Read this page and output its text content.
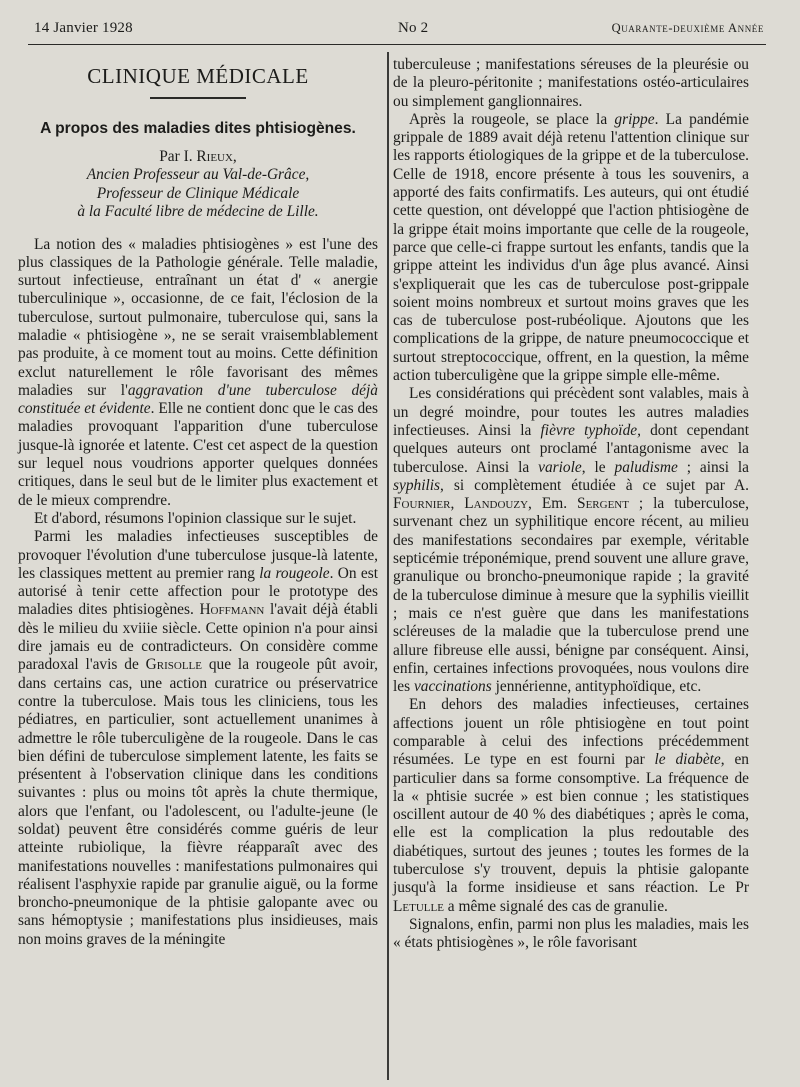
14 Janvier 1928	No 2	Quarante-deuxième Année
CLINIQUE MÉDICALE
A propos des maladies dites phtisiogènes.
Par I. Rieux,
Ancien Professeur au Val-de-Grâce,
Professeur de Clinique Médicale
à la Faculté libre de médecine de Lille.

La notion des « maladies phtisiogènes » est l'une des plus classiques de la Pathologie générale. Telle maladie, surtout infectieuse, entraînant un état d' « anergie tuberculinique », occasionne, de ce fait, l'éclosion de la tuberculose, surtout pulmonaire, tuberculose qui, sans la maladie « phtisiogène », ne se serait vraisemblablement pas produite, à ce moment tout au moins. Cette définition exclut naturellement le rôle favorisant des mêmes maladies sur l'aggravation d'une tuberculose déjà constituée et évidente. Elle ne contient donc que le cas des maladies provoquant l'apparition d'une tuberculose jusque-là ignorée et latente. C'est cet aspect de la question sur lequel nous voudrions apporter quelques données critiques, dans le seul but de le limiter plus exactement et de le mieux comprendre.

Et d'abord, résumons l'opinion classique sur le sujet.

Parmi les maladies infectieuses susceptibles de provoquer l'évolution d'une tuberculose jusque-là latente, les classiques mettent au premier rang la rougeole. On est autorisé à tenir cette affection pour le prototype des maladies dites phtisiogènes. Hoffmann l'avait déjà établi dès le milieu du xviiie siècle. Cette opinion n'a pour ainsi dire jamais eu de contradicteurs. On considère comme paradoxal l'avis de Grisolle que la rougeole pût avoir, dans certains cas, une action curatrice ou préservatrice contre la tuberculose. Mais tous les cliniciens, tous les pédiatres, en particulier, sont actuellement unanimes à admettre le rôle tuberculigène de la rougeole. Dans le cas bien défini de tuberculose simplement latente, les faits se présentent à l'observation clinique dans les conditions suivantes : plus ou moins tôt après la chute thermique, alors que l'enfant, ou l'adolescent, ou l'adulte-jeune (le soldat) peuvent être considérés comme guéris de leur atteinte rubiolique, la fièvre réapparaît avec des manifestations nouvelles : manifestations pulmonaires qui réalisent l'asphyxie rapide par granulie aiguë, ou la forme broncho-pneumonique de la phtisie galopante avec ou sans hémoptysie ; manifestations plus insidieuses, mais non moins graves de la méningite

tuberculeuse ; manifestations séreuses de la pleurésie ou de la pleuro-péritonite ; manifestations ostéo-articulaires ou simplement ganglionnaires.

Après la rougeole, se place la grippe. La pandémie grippale de 1889 avait déjà retenu l'attention clinique sur les rapports étiologiques de la grippe et de la tuberculose. Celle de 1918, encore présente à tous les souvenirs, a apporté des faits confirmatifs. Les auteurs, qui ont étudié cette question, ont développé que l'action phtisiogène de la grippe était moins importante que celle de la rougeole, parce que celle-ci frappe surtout les enfants, tandis que la grippe atteint les individus d'un âge plus avancé. Ainsi s'expliquerait que les cas de tuberculose post-grippale soient moins nombreux et surtout moins graves que les cas de tuberculose post-rubéolique. Ajoutons que les complications de la grippe, de nature pneumococcique et surtout streptococcique, offrent, en la question, la même action tuberculigène que la grippe simple elle-même.

Les considérations qui précèdent sont valables, mais à un degré moindre, pour toutes les autres maladies infectieuses. Ainsi la fièvre typhoïde, dont cependant quelques auteurs ont proclamé l'antagonisme avec la tuberculose. Ainsi la variole, le paludisme ; ainsi la syphilis, si complètement étudiée à ce sujet par A. Fournier, Landouzy, Em. Sergent ; la tuberculose, survenant chez un syphilitique encore récent, au milieu des manifestations secondaires par exemple, véritable septicémie tréponémique, prend souvent une allure grave, granulique ou broncho-pneumonique rapide ; la gravité de la tuberculose diminue à mesure que la syphilis vieillit ; mais ce n'est guère que dans les manifestations scléreuses de la maladie que la tuberculose prend une allure fibreuse elle aussi, bénigne par conséquent. Ainsi, enfin, certaines infections provoquées, nous voulons dire les vaccinations jennérienne, antityphoïdique, etc.

En dehors des maladies infectieuses, certaines affections jouent un rôle phtisiogène en tout point comparable à celui des infections précédemment résumées. Le type en est fourni par le diabète, en particulier dans sa forme consomptive. La fréquence de la « phtisie sucrée » est bien connue ; les statistiques oscillent autour de 40 % des diabétiques ; après le coma, elle est la complication la plus redoutable des diabétiques, surtout des jeunes ; toutes les formes de la tuberculose s'y trouvent, depuis la phtisie galopante jusqu'à la forme insidieuse et sans réaction. Le Pr Letulle a même signalé des cas de granulie.

Signalons, enfin, parmi non plus les maladies, mais les « états phtisiogènes », le rôle favorisant
